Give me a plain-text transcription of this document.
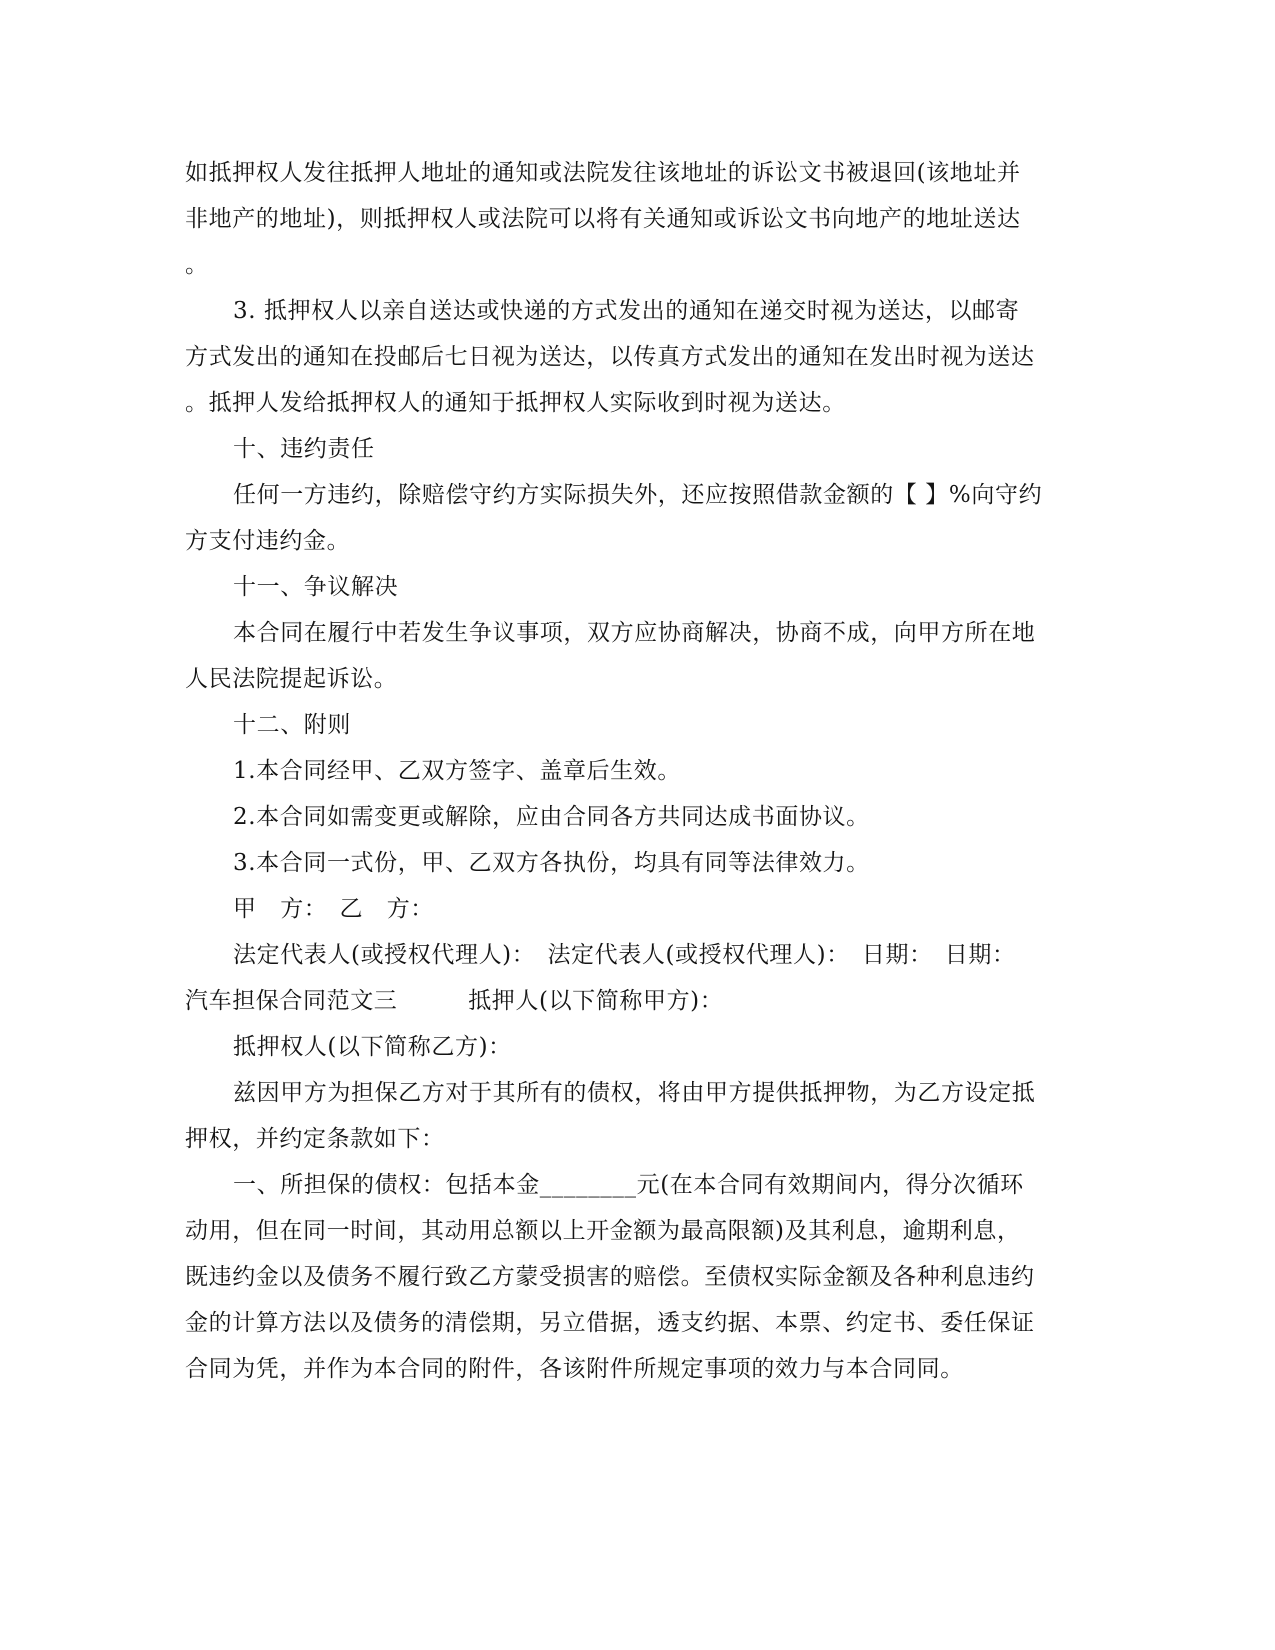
如抵押权人发往抵押人地址的通知或法院发往该地址的诉讼文书被退回(该地址并
非地产的地址)，则抵押权人或法院可以将有关通知或诉讼文书向地产的地址送达
。
3. 抵押权人以亲自送达或快递的方式发出的通知在递交时视为送达，以邮寄
方式发出的通知在投邮后七日视为送达，以传真方式发出的通知在发出时视为送达
。抵押人发给抵押权人的通知于抵押权人实际收到时视为送达。
十、违约责任
任何一方违约，除赔偿守约方实际损失外，还应按照借款金额的【 】%向守约
方支付违约金。
十一、争议解决
本合同在履行中若发生争议事项，双方应协商解决，协商不成，向甲方所在地
人民法院提起诉讼。
十二、附则
1.本合同经甲、乙双方签字、盖章后生效。
2.本合同如需变更或解除，应由合同各方共同达成书面协议。
3.本合同一式份，甲、乙双方各执份，均具有同等法律效力。
甲　方：　乙　方：
法定代表人(或授权代理人)：　法定代表人(或授权代理人)：　日期：　日期：
汽车担保合同范文三　　　抵押人(以下简称甲方)：
抵押权人(以下简称乙方)：
兹因甲方为担保乙方对于其所有的债权，将由甲方提供抵押物，为乙方设定抵
押权，并约定条款如下：
一、所担保的债权：包括本金________元(在本合同有效期间内，得分次循环
动用，但在同一时间，其动用总额以上开金额为最高限额)及其利息，逾期利息，
既违约金以及债务不履行致乙方蒙受损害的赔偿。至债权实际金额及各种利息违约
金的计算方法以及债务的清偿期，另立借据，透支约据、本票、约定书、委任保证
合同为凭，并作为本合同的附件，各该附件所规定事项的效力与本合同同。
